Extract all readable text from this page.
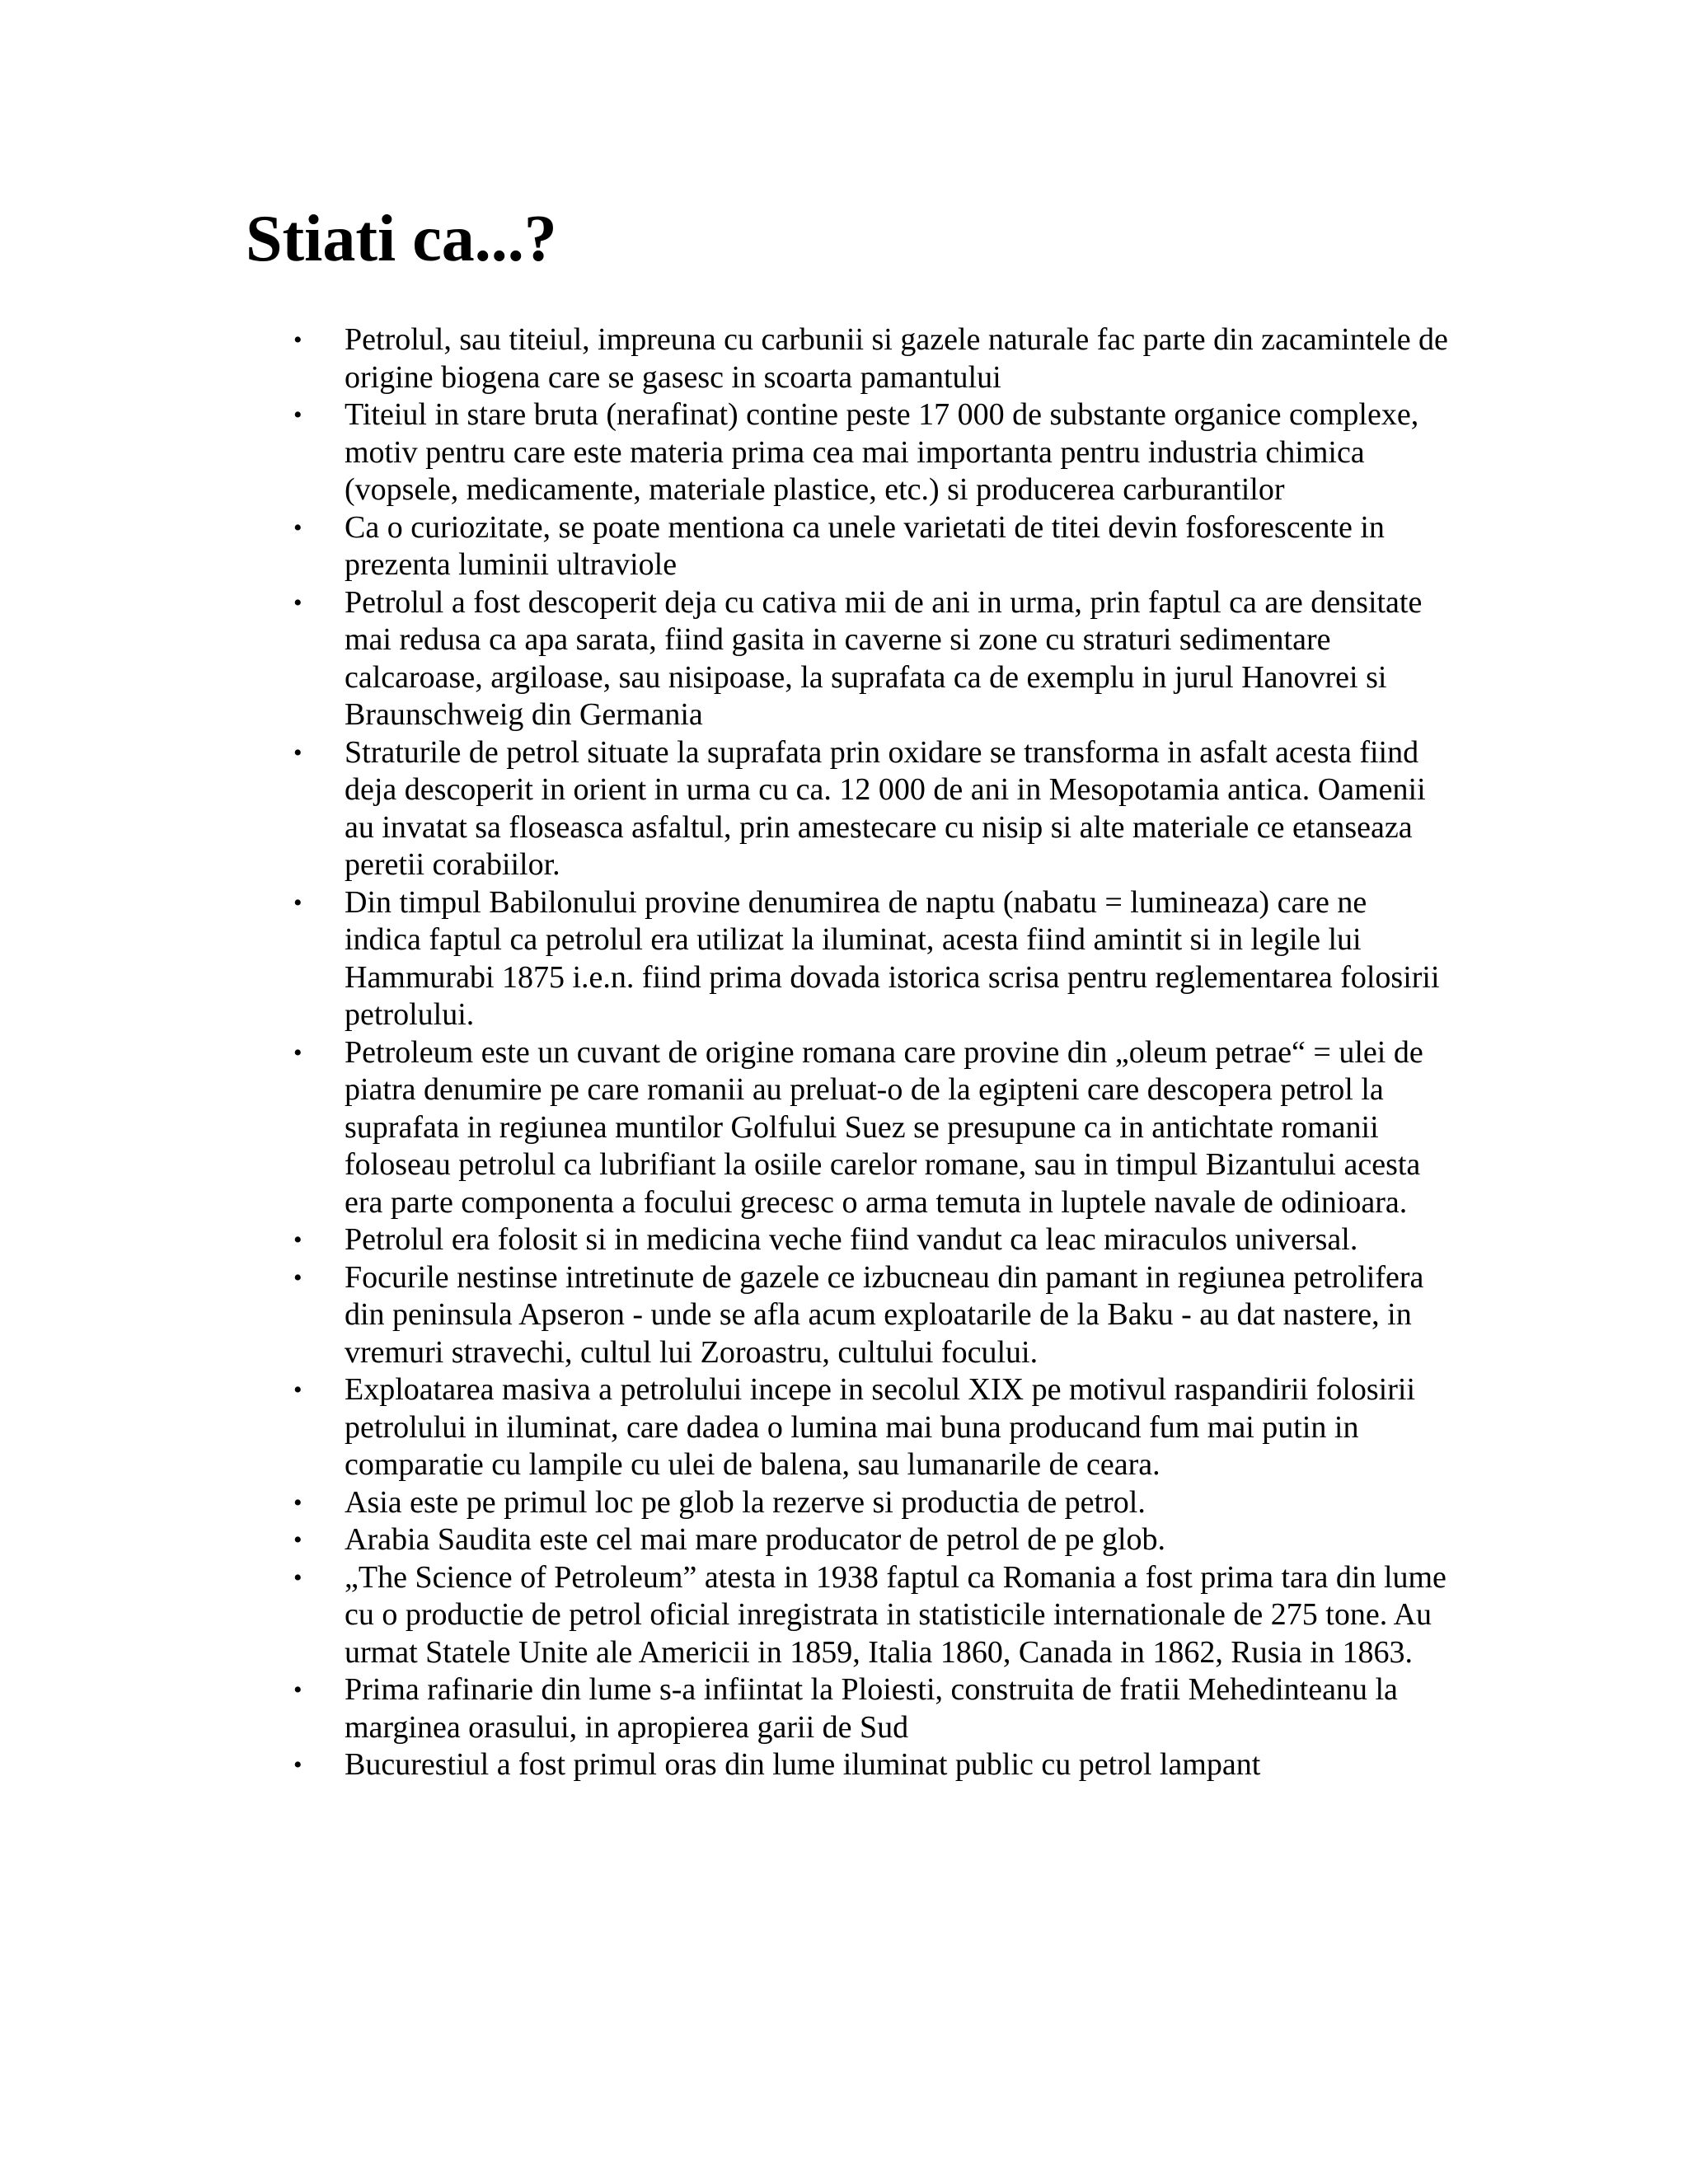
Stiati ca...?
• Petrolul, sau titeiul, impreuna cu carbunii si gazele naturale fac parte din zacamintele de origine biogena care se gasesc in scoarta pamantului
• Titeiul in stare bruta (nerafinat) contine peste 17 000 de substante organice complexe, motiv pentru care este materia prima cea mai importanta pentru industria chimica (vopsele, medicamente, materiale plastice, etc.) si producerea carburantilor
• Ca o curiozitate, se poate mentiona ca unele varietati de titei devin fosforescente in prezenta luminii ultraviole
• Petrolul a fost descoperit deja cu cativa mii de ani in urma, prin faptul ca are densitate mai redusa ca apa sarata, fiind gasita in caverne si zone cu straturi sedimentare calcaroase, argiloase, sau nisipoase, la suprafata ca de exemplu in jurul Hanovrei si Braunschweig din Germania
• Straturile de petrol situate la suprafata prin oxidare se transforma in asfalt acesta fiind deja descoperit in orient in urma cu ca. 12 000 de ani in Mesopotamia antica. Oamenii au invatat sa floseasca asfaltul, prin amestecare cu nisip si alte materiale ce etanseaza peretii corabiilor.
• Din timpul Babilonului provine denumirea de naptu (nabatu = lumineaza) care ne indica faptul ca petrolul era utilizat la iluminat, acesta fiind amintit si in legile lui Hammurabi 1875 i.e.n. fiind prima dovada istorica scrisa pentru reglementarea folosirii petrolului.
• Petroleum este un cuvant de origine romana care provine din „oleum petrae“ = ulei de piatra denumire pe care romanii au preluat-o de la egipteni care descopera petrol la suprafata in regiunea muntilor Golfului Suez se presupune ca in antichtate romanii foloseau petrolul ca lubrifiant la osiile carelor romane, sau in timpul Bizantului acesta era parte componenta a focului grecesc o arma temuta in luptele navale de odinioara.
• Petrolul era folosit si in medicina veche fiind vandut ca leac miraculos universal.
• Focurile nestinse intretinute de gazele ce izbucneau din pamant in regiunea petrolifera din peninsula Apseron - unde se afla acum exploatarile de la Baku - au dat nastere, in vremuri stravechi, cultul lui Zoroastru, cultului focului.
• Exploatarea masiva a petrolului incepe in secolul XIX pe motivul raspandirii folosirii petrolului in iluminat, care dadea o lumina mai buna producand fum mai putin in comparatie cu lampile cu ulei de balena, sau lumanarile de ceara.
• Asia este pe primul loc pe glob la rezerve si productia de petrol.
• Arabia Saudita este cel mai mare producator de petrol de pe glob.
• „The Science of Petroleum” atesta in 1938 faptul ca Romania a fost prima tara din lume cu o productie de petrol oficial inregistrata in statisticile internationale de 275 tone. Au urmat Statele Unite ale Americii in 1859, Italia 1860, Canada in 1862, Rusia in 1863.
• Prima rafinarie din lume s-a infiintat la Ploiesti, construita de fratii Mehedinteanu la marginea orasului, in apropierea garii de Sud
• Bucurestiul a fost primul oras din lume iluminat public cu petrol lampant
